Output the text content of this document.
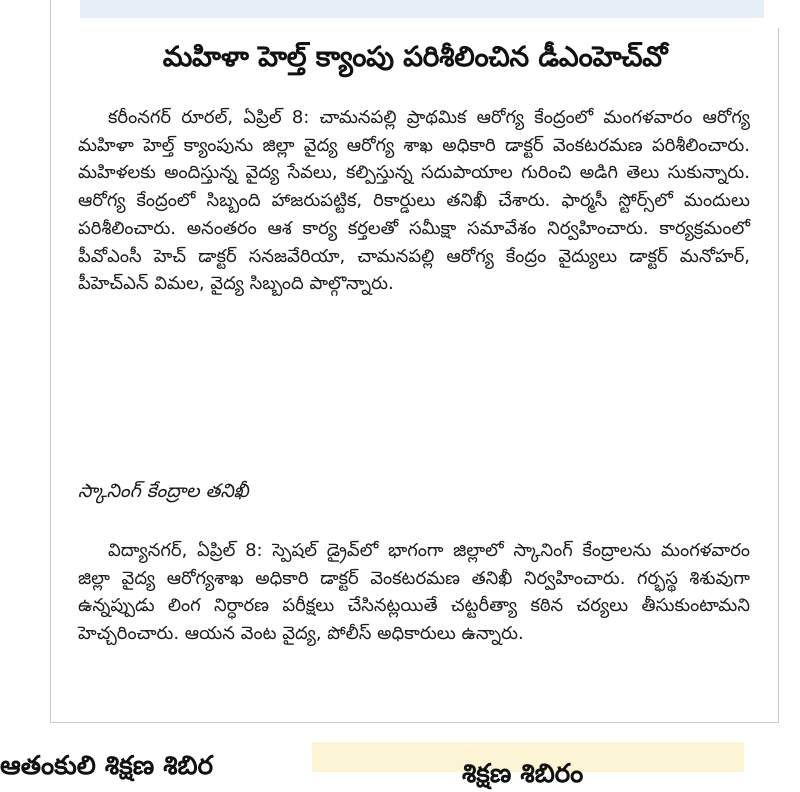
మహిళా హెల్త్‌ క్యాంపు పరిశీలించిన డీఎంహెచ్‌వో

కరీంనగర్‌ రూరల్‌, ఏప్రిల్‌ 8: చామనపల్లి ప్రాథమిక ఆరోగ్య కేంద్రంలో మంగళవారం ఆరోగ్య మహిళా హెల్త్‌ క్యాంపును జిల్లా వైద్య ఆరోగ్య శాఖ అధికారి డాక్టర్‌ వెంకటరమణ పరిశీలించారు. మహిళలకు అందిస్తున్న వైద్య సేవలు, కల్పిస్తున్న సదుపాయాల గురించి అడిగి తెలు సుకున్నారు. ఆరోగ్య కేంద్రంలో సిబ్బంది హాజరుపట్టిక, రికార్డులు తనిఖీ చేశారు. ఫార్మసీ స్టోర్స్‌లో మందులు పరిశీలించారు. అనంతరం ఆశ కార్య కర్తలతో సమీక్షా సమావేశం నిర్వహించారు. కార్యక్రమంలో పీవోఎంసీ హెచ్‌ డాక్టర్‌ సనజవేరియా, చామనపల్లి ఆరోగ్య కేంద్రం వైద్యులు డాక్టర్‌ మనోహర్‌, పీహెచ్‌ఎన్‌ విమల, వైద్య సిబ్బంది పాల్గొన్నారు.

స్కానింగ్‌ కేంద్రాల తనిఖీ

విద్యానగర్‌, ఏప్రిల్‌ 8: స్పెషల్‌ డ్రైవ్‌లో భాగంగా జిల్లాలో స్కానింగ్‌ కేంద్రాలను మంగళవారం జిల్లా వైద్య ఆరోగ్యశాఖ అధికారి డాక్టర్‌ వెంకటరమణ తనిఖీ నిర్వహించారు. గర్భస్థ శిశువుగా ఉన్నప్పుడు లింగ నిర్ధారణ పరీక్షలు చేసినట్లయితే చట్టరీత్యా కఠిన చర్యలు తీసుకుంటామని హెచ్చరించారు. ఆయన వెంట వైద్య, పోలీస్‌ అధికారులు ఉన్నారు.

ఆతంకులి శిక్షణ శిబిర	శిక్షణ శిబిరం
